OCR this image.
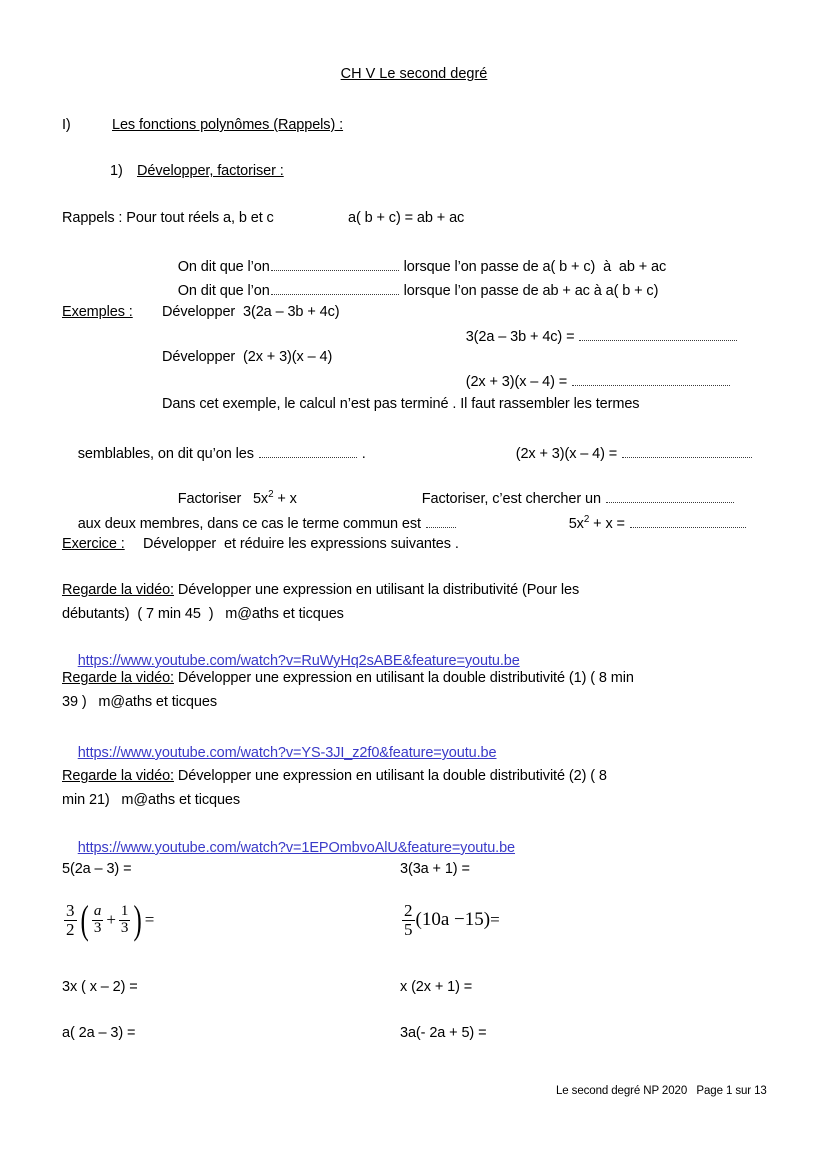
CH V Le second degré
I)	Les fonctions polynômes (Rappels) :
1) Développer, factoriser :
Rappels : Pour tout réels a, b et c	a( b + c) = ab + ac

On dit que l’on	lorsque l’on passe de a( b + c)  à  ab + ac

On dit que l’on	lorsque l’on passe de ab + ac à a( b + c)

Exemples : Développer  3(2a – 3b + 4c)

3(2a – 3b + 4c) =

Développer  (2x + 3)(x – 4)

(2x + 3)(x – 4) =

Dans cet exemple, le calcul n’est pas terminé . Il faut rassembler les termes

semblables, on dit qu’on les	.
	(2x + 3)(x – 4) =

Factoriser   $5x^2 + x$
	Factoriser, c’est chercher un

aux deux membres, dans ce cas le terme commun est
	$5x^2 + x$ =

Exercice : Développer  et réduire les expressions suivantes .
Regarde la vidéo: Développer une expression en utilisant la distributivité (Pour les
débutants)  ( 7 min 45  )   m@aths et ticques

https://www.youtube.com/watch?v=RuWyHq2sABE&feature=youtu.be

Regarde la vidéo: Développer une expression en utilisant la double distributivité (1) ( 8 min
39 )   m@aths et ticques

https://www.youtube.com/watch?v=YS-3JI_z2f0&feature=youtu.be

Regarde la vidéo: Développer une expression en utilisant la double distributivité (2) ( 8
min 21)   m@aths et ticques

https://www.youtube.com/watch?v=1EPOmbvoAlU&feature=youtu.be

5(2a – 3) =	3(3a + 1) =
$\frac{3}{2}$ ( $\frac{a}{3} + \frac{1}{3}$ ) =	$\frac{2}{5} (10a -15)$ =
3x ( x – 2) =	x (2x + 1) =
a( 2a – 3) =	3a(- 2a + 5) =
Le second degré NP 2020   Page 1 sur 13
